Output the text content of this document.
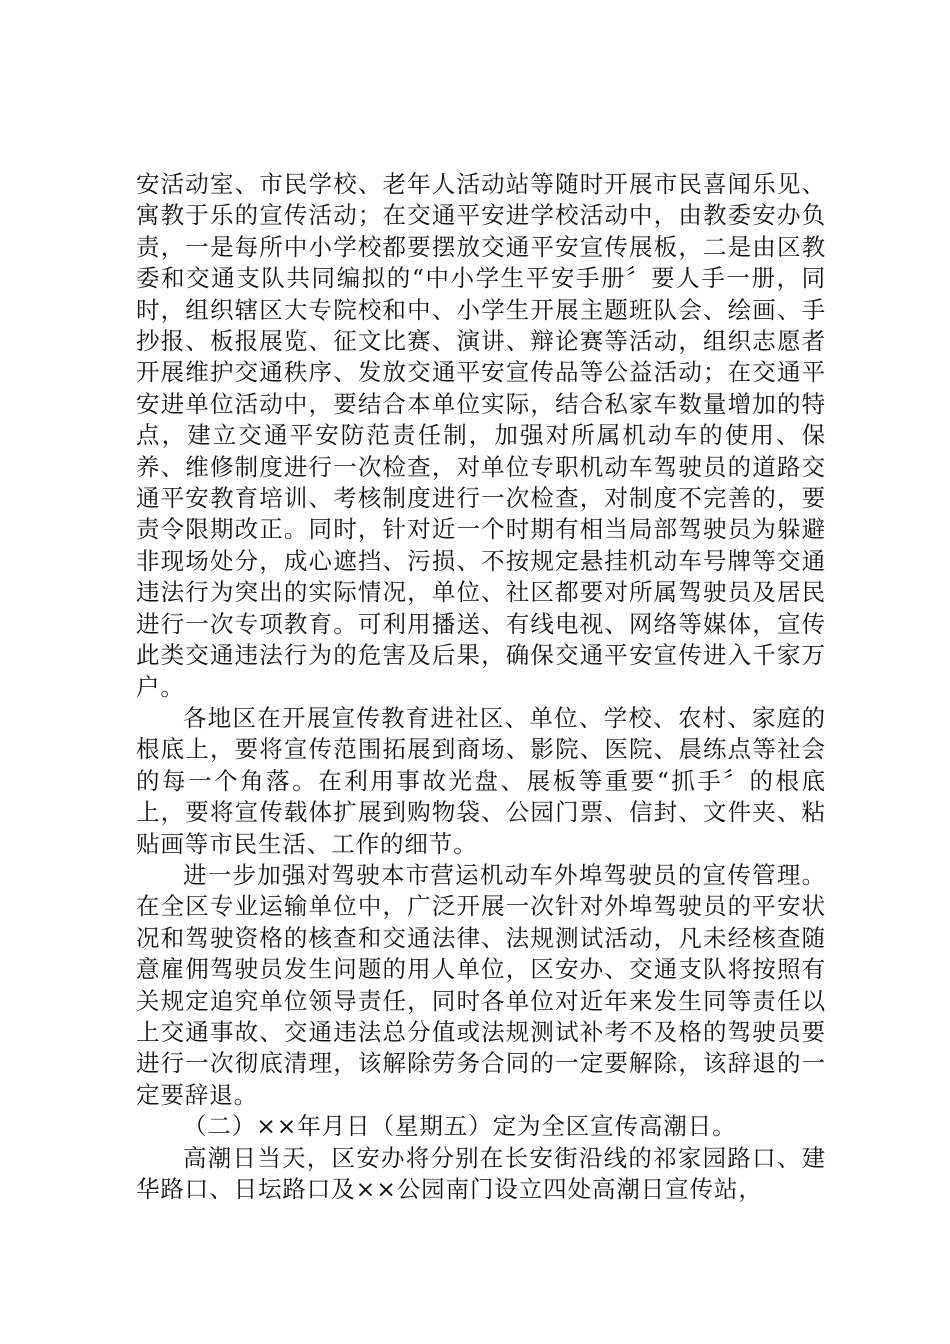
安活动室、市民学校、老年人活动站等随时开展市民喜闻乐见、寓教于乐的宣传活动；在交通平安进学校活动中，由教委安办负责，一是每所中小学校都要摆放交通平安宣传展板，二是由区教委和交通支队共同编拟的“中小学生平安手册〞要人手一册，同时，组织辖区大专院校和中、小学生开展主题班队会、绘画、手抄报、板报展览、征文比赛、演讲、辩论赛等活动，组织志愿者开展维护交通秩序、发放交通平安宣传品等公益活动；在交通平安进单位活动中，要结合本单位实际，结合私家车数量增加的特点，建立交通平安防范责任制，加强对所属机动车的使用、保养、维修制度进行一次检查，对单位专职机动车驾驶员的道路交通平安教育培训、考核制度进行一次检查，对制度不完善的，要责令限期改正。同时，针对近一个时期有相当局部驾驶员为躲避非现场处分，成心遮挡、污损、不按规定悬挂机动车号牌等交通违法行为突出的实际情况，单位、社区都要对所属驾驶员及居民进行一次专项教育。可利用播送、有线电视、网络等媒体，宣传此类交通违法行为的危害及后果，确保交通平安宣传进入千家万户。

各地区在开展宣传教育进社区、单位、学校、农村、家庭的根底上，要将宣传范围拓展到商场、影院、医院、晨练点等社会的每一个角落。在利用事故光盘、展板等重要“抓手〞的根底上，要将宣传载体扩展到购物袋、公园门票、信封、文件夹、粘贴画等市民生活、工作的细节。

进一步加强对驾驶本市营运机动车外埠驾驶员的宣传管理。在全区专业运输单位中，广泛开展一次针对外埠驾驶员的平安状况和驾驶资格的核查和交通法律、法规测试活动，凡未经核查随意雇佣驾驶员发生问题的用人单位，区安办、交通支队将按照有关规定追究单位领导责任，同时各单位对近年来发生同等责任以上交通事故、交通违法总分值或法规测试补考不及格的驾驶员要进行一次彻底清理，该解除劳务合同的一定要解除，该辞退的一定要辞退。

（二）××年月日（星期五）定为全区宣传高潮日。

高潮日当天，区安办将分别在长安街沿线的祁家园路口、建华路口、日坛路口及××公园南门设立四处高潮日宣传站，
